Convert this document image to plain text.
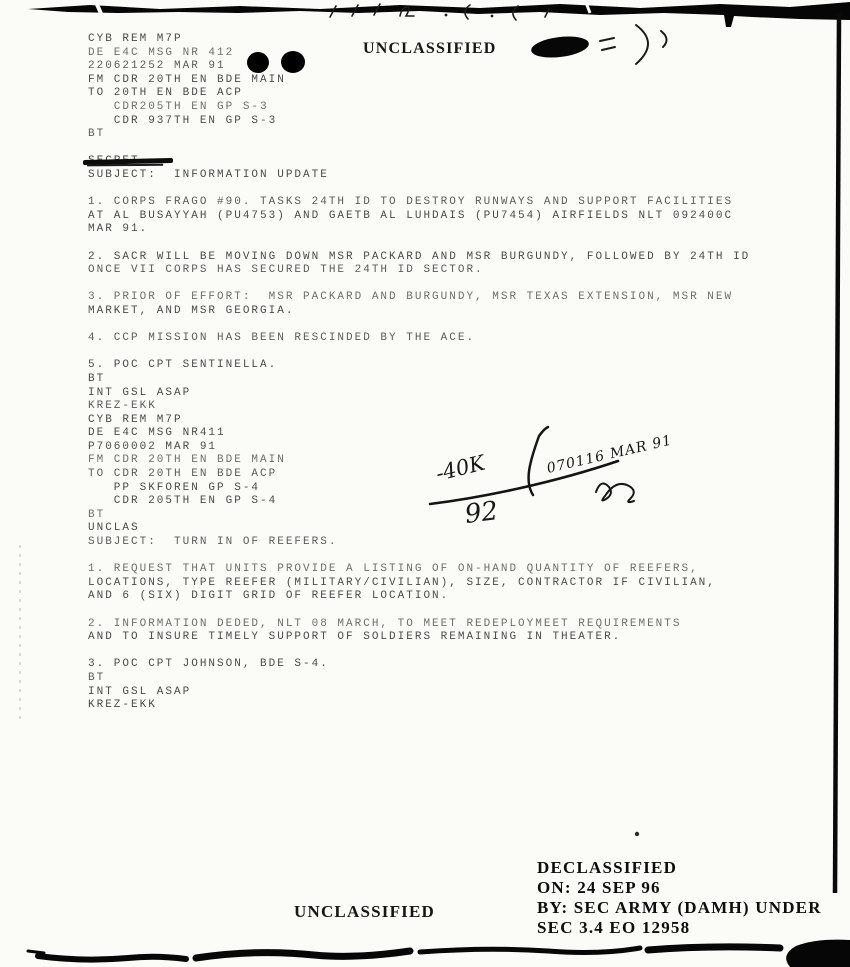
UNCLASSIFIED
CYB REM M7P
DE E4C MSG NR 412
220621252 MAR 91
FM CDR 20TH EN BDE MAIN
TO 20TH EN BDE ACP
CDR205TH EN GP S-3
CDR 937TH EN GP S-3
BT
SUBJECT:  INFORMATION UPDATE
1. CORPS FRAGO #90. TASKS 24TH ID TO DESTROY RUNWAYS AND SUPPORT FACILITIES
AT AL BUSAYYAH (PU4753) AND GAETB AL LUHDAIS (PU7454) AIRFIELDS NLT 092400C
MAR 91.
2. SACR WILL BE MOVING DOWN MSR PACKARD AND MSR BURGUNDY, FOLLOWED BY 24TH ID
ONCE VII CORPS HAS SECURED THE 24TH ID SECTOR.
3. PRIOR OF EFFORT:  MSR PACKARD AND BURGUNDY, MSR TEXAS EXTENSION, MSR NEW
MARKET, AND MSR GEORGIA.
4. CCP MISSION HAS BEEN RESCINDED BY THE ACE.
5. POC CPT SENTINELLA.
BT
INT GSL ASAP
KREZ-EKK
CYB REM M7P
DE E4C MSG NR411
P7060002 MAR 91
FM CDR 20TH EN BDE MAIN
TO CDR 20TH EN BDE ACP
PP SKFOREN GP S-4
CDR 205TH EN GP S-4
BT
UNCLAS
SUBJECT:  TURN IN OF REEFERS.
1. REQUEST THAT UNITS PROVIDE A LISTING OF ON-HAND QUANTITY OF REEFERS,
LOCATIONS, TYPE REEFER (MILITARY/CIVILIAN), SIZE, CONTRACTOR IF CIVILIAN,
AND 6 (SIX) DIGIT GRID OF REEFER LOCATION.
2. INFORMATION DEDED, NLT 08 MARCH, TO MEET REDEPLOYMEET REQUIREMENTS
AND TO INSURE TIMELY SUPPORT OF SOLDIERS REMAINING IN THEATER.
3. POC CPT JOHNSON, BDE S-4.
BT
INT GSL ASAP
KREZ-EKK
-40K	070116 MAR 91
92
DECLASSIFIED
ON: 24 SEP 96
BY: SEC ARMY (DAMH) UNDER
SEC 3.4 EO 12958
UNCLASSIFIED
